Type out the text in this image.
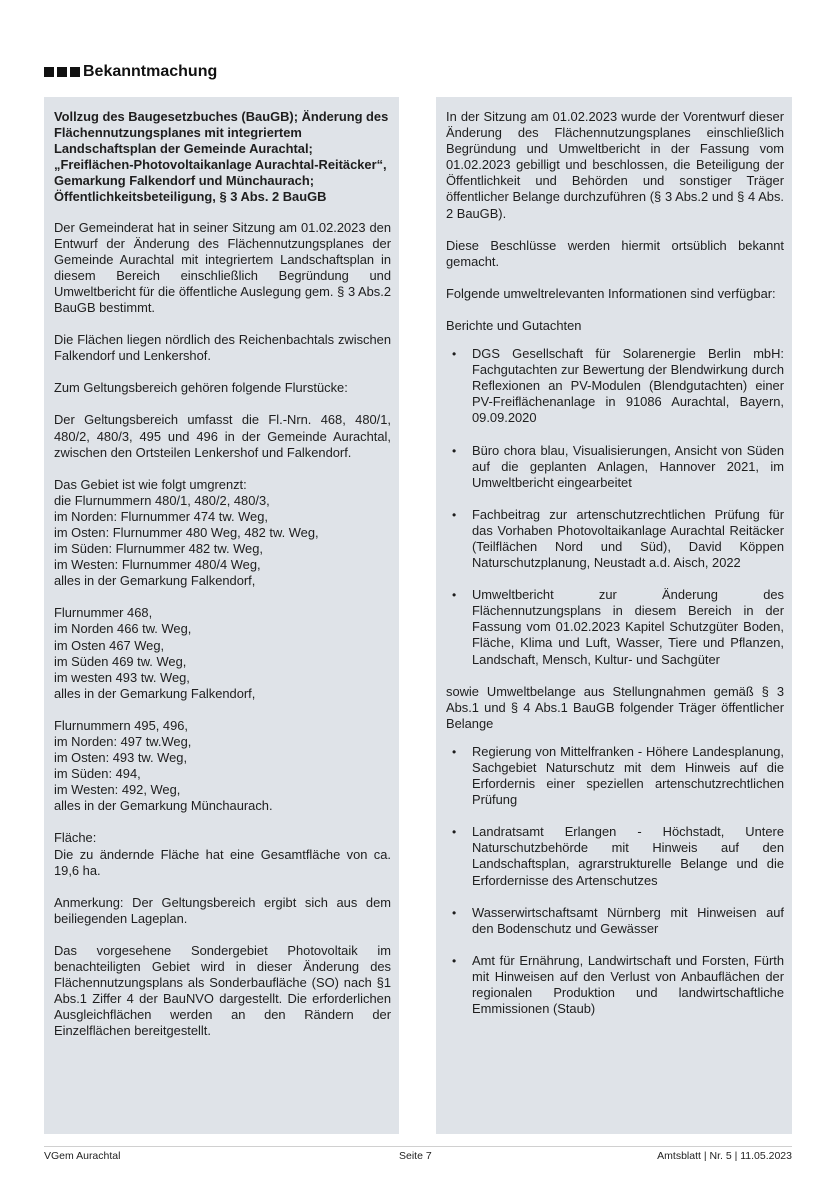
Bekanntmachung

Vollzug des Baugesetzbuches (BauGB); Änderung des Flächennutzungsplanes mit integriertem Landschaftsplan der Gemeinde Aurachtal; „Freiflächen-Photovoltaikanlage Aurachtal-Reitäcker“, Gemarkung Falkendorf und Münchaurach; Öffentlichkeitsbeteiligung, § 3 Abs. 2 BauGB

Der Gemeinderat hat in seiner Sitzung am 01.02.2023 den Entwurf der Änderung des Flächennutzungsplanes der Gemeinde Aurachtal mit integriertem Landschaftsplan in diesem Bereich einschließlich Begründung und Umweltbericht für die öffentliche Auslegung gem. § 3 Abs.2 BauGB bestimmt.

Die Flächen liegen nördlich des Reichenbachtals zwischen Falkendorf und Lenkershof.

Zum Geltungsbereich gehören folgende Flurstücke:

Der Geltungsbereich umfasst die Fl.-Nrn. 468, 480/1, 480/2, 480/3, 495 und 496 in der Gemeinde Aurachtal, zwischen den Ortsteilen Lenkershof und Falkendorf.

Das Gebiet ist wie folgt umgrenzt:
die Flurnummern 480/1, 480/2, 480/3,
im Norden: Flurnummer 474 tw. Weg,
im Osten: Flurnummer 480 Weg, 482 tw. Weg,
im Süden: Flurnummer 482 tw. Weg,
im Westen: Flurnummer 480/4 Weg,
alles in der Gemarkung Falkendorf,

Flurnummer 468,
im Norden 466 tw. Weg,
im Osten 467 Weg,
im Süden 469 tw. Weg,
im westen 493 tw. Weg,
alles in der Gemarkung Falkendorf,

Flurnummern 495, 496,
im Norden: 497 tw.Weg,
im Osten: 493 tw. Weg,
im Süden: 494,
im Westen: 492, Weg,
alles in der Gemarkung Münchaurach.

Fläche:
Die zu ändernde Fläche hat eine Gesamtfläche von ca. 19,6 ha.

Anmerkung: Der Geltungsbereich ergibt sich aus dem beiliegenden Lageplan.

Das vorgesehene Sondergebiet Photovoltaik im benachteiligten Gebiet wird in dieser Änderung des Flächennutzungsplans als Sonderbaufläche (SO) nach §1 Abs.1 Ziffer 4 der BauNVO dargestellt. Die erforderlichen Ausgleichflächen werden an den Rändern der Einzelflächen bereitgestellt.

In der Sitzung am 01.02.2023 wurde der Vorentwurf dieser Änderung des Flächennutzungsplanes einschließlich Begründung und Umweltbericht in der Fassung vom 01.02.2023 gebilligt und beschlossen, die Beteiligung der Öffentlichkeit und Behörden und sonstiger Träger öffentlicher Belange durchzuführen (§ 3 Abs.2 und § 4 Abs. 2 BauGB).

Diese Beschlüsse werden hiermit ortsüblich bekannt gemacht.

Folgende umweltrelevanten Informationen sind verfügbar:

Berichte und Gutachten

• DGS Gesellschaft für Solarenergie Berlin mbH: Fachgutachten zur Bewertung der Blendwirkung durch Reflexionen an PV-Modulen (Blendgutachten) einer PV-Freiflächenanlage in 91086 Aurachtal, Bayern, 09.09.2020
• Büro chora blau, Visualisierungen, Ansicht von Süden auf die geplanten Anlagen, Hannover 2021, im Umweltbericht eingearbeitet
• Fachbeitrag zur artenschutzrechtlichen Prüfung für das Vorhaben Photovoltaikanlage Aurachtal Reitäcker (Teilflächen Nord und Süd), David Köppen Naturschutzplanung, Neustadt a.d. Aisch, 2022
• Umweltbericht zur Änderung des Flächennutzungsplans in diesem Bereich in der Fassung vom 01.02.2023 Kapitel Schutzgüter Boden, Fläche, Klima und Luft, Wasser, Tiere und Pflanzen, Landschaft, Mensch, Kultur- und Sachgüter

sowie Umweltbelange aus Stellungnahmen gemäß § 3 Abs.1 und § 4 Abs.1 BauGB folgender Träger öffentlicher Belange

• Regierung von Mittelfranken - Höhere Landesplanung, Sachgebiet Naturschutz mit dem Hinweis auf die Erfordernis einer speziellen artenschutzrechtlichen Prüfung
• Landratsamt Erlangen - Höchstadt, Untere Naturschutzbehörde mit Hinweis auf den Landschaftsplan, agrarstrukturelle Belange und die Erfordernisse des Artenschutzes
• Wasserwirtschaftsamt Nürnberg mit Hinweisen auf den Bodenschutz und Gewässer
• Amt für Ernährung, Landwirtschaft und Forsten, Fürth mit Hinweisen auf den Verlust von Anbauflächen der regionalen Produktion und landwirtschaftliche Emmissionen (Staub)
VGem Aurachtal	Seite 7	Amtsblatt | Nr. 5 | 11.05.2023
